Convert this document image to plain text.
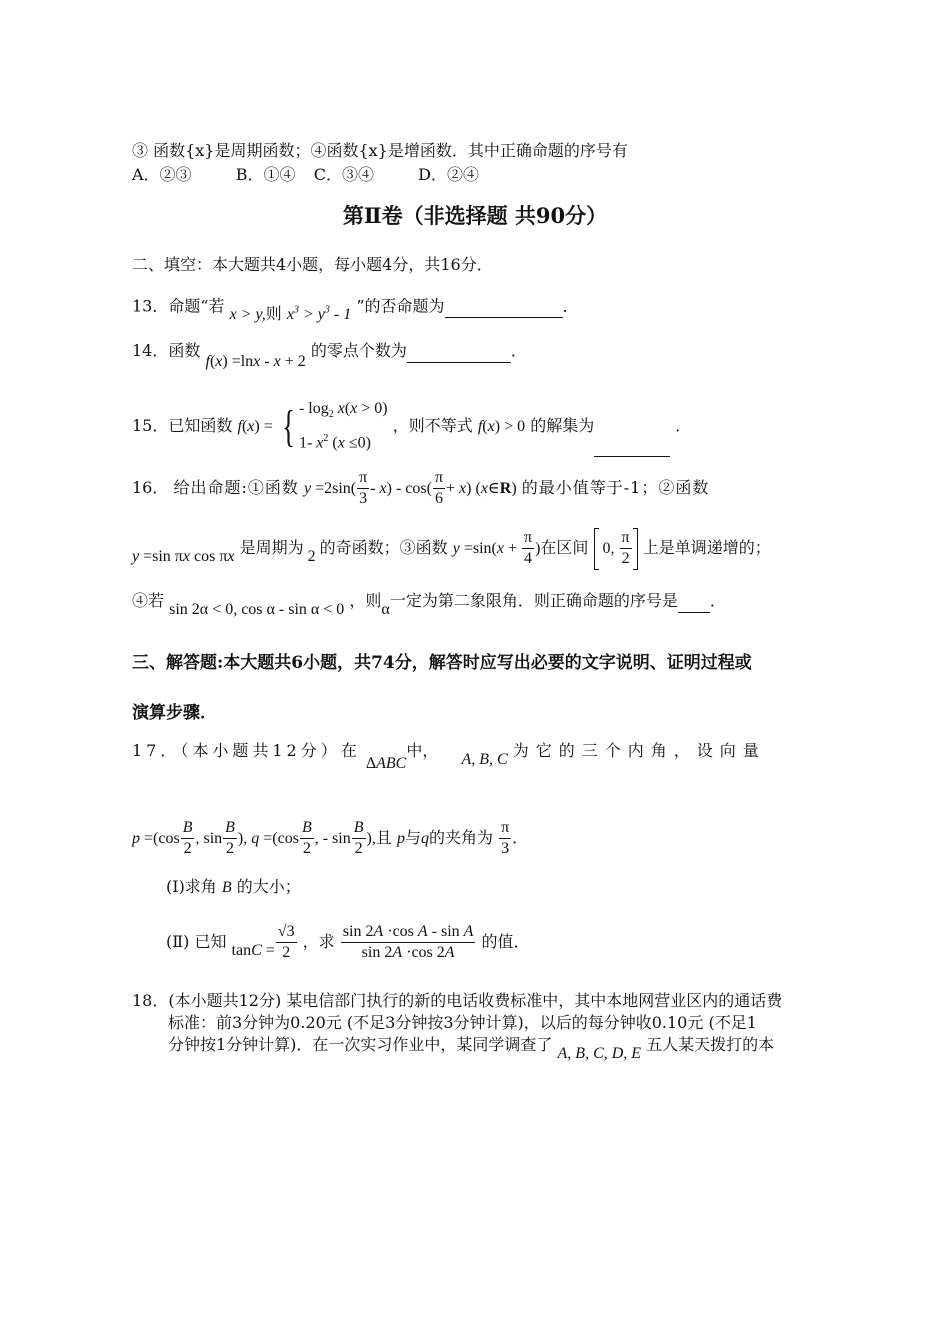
③ 函数{x}是周期函数；④函数{x}是增函数．其中正确命题的序号有
A．②③	B．①④ C．③④	D．②④
第Ⅱ卷（非选择题 共90分）
二、填空：本大题共4小题，每小题4分，共16分．
13．命题“若 x > y,则 $x^3 > y^3 - 1$ ”的否命题为	．
14．函数 f(x) =lnx - x + 2 的零点个数为	．
15．已知函数 f(x) = { - $\log_2 x(x > 0)$
1- $x^2$ (x ≤0) ，则不等式 f(x) > 0 的解集为	．
16． 给出命题:①函数 $y =2\sin( \frac{\pi}{3} - x) - \cos( \frac{\pi}{6} + x)$ (x∈R) 的最小值等于-1；②函数
y =sin πx cos πx 是周期为 2 的奇函数；③函数 $y =\sin(x + \frac{\pi}{4}$ )在区间  0, $\frac{\pi}{2}$ 上是单调递增的；
④若 sin 2α < 0, cos α - sin α < 0 ，则α一定为第二象限角．则正确命题的序号是 ．
三、解答题:本大题共6小题，共74分，解答时应写出必要的文字说明、证明过程或
演算步骤．
17．（本小题共12分）在 ΔABC中， A, B, C 为它的三个内角，设向量
$p =(\cos \frac{B}{2}$ , $\sin \frac{B}{2}$ ), $q =(\cos \frac{B}{2}$ , - $\sin \frac{B}{2}$ ),且 p与q的夹角为 $\frac{\pi}{3}$ ．
(Ⅰ)求角 B 的大小；
(Ⅱ) 已知 $\tan C = \frac{√3}{2}$ ，求 $\frac{\text{sin 2A ·cos A - sin A}}{\sin 2A \cdot\cos 2A}$ 的值．
18．(本小题共12分) 某电信部门执行的新的电话收费标准中，其中本地网营业区内的通话费
标准：前3分钟为0.20元 (不足3分钟按3分钟计算)，以后的每分钟收0.10元 (不足1
分钟按1分钟计算)．在一次实习作业中，某同学调查了 A, B, C, D, E 五人某天拨打的本
